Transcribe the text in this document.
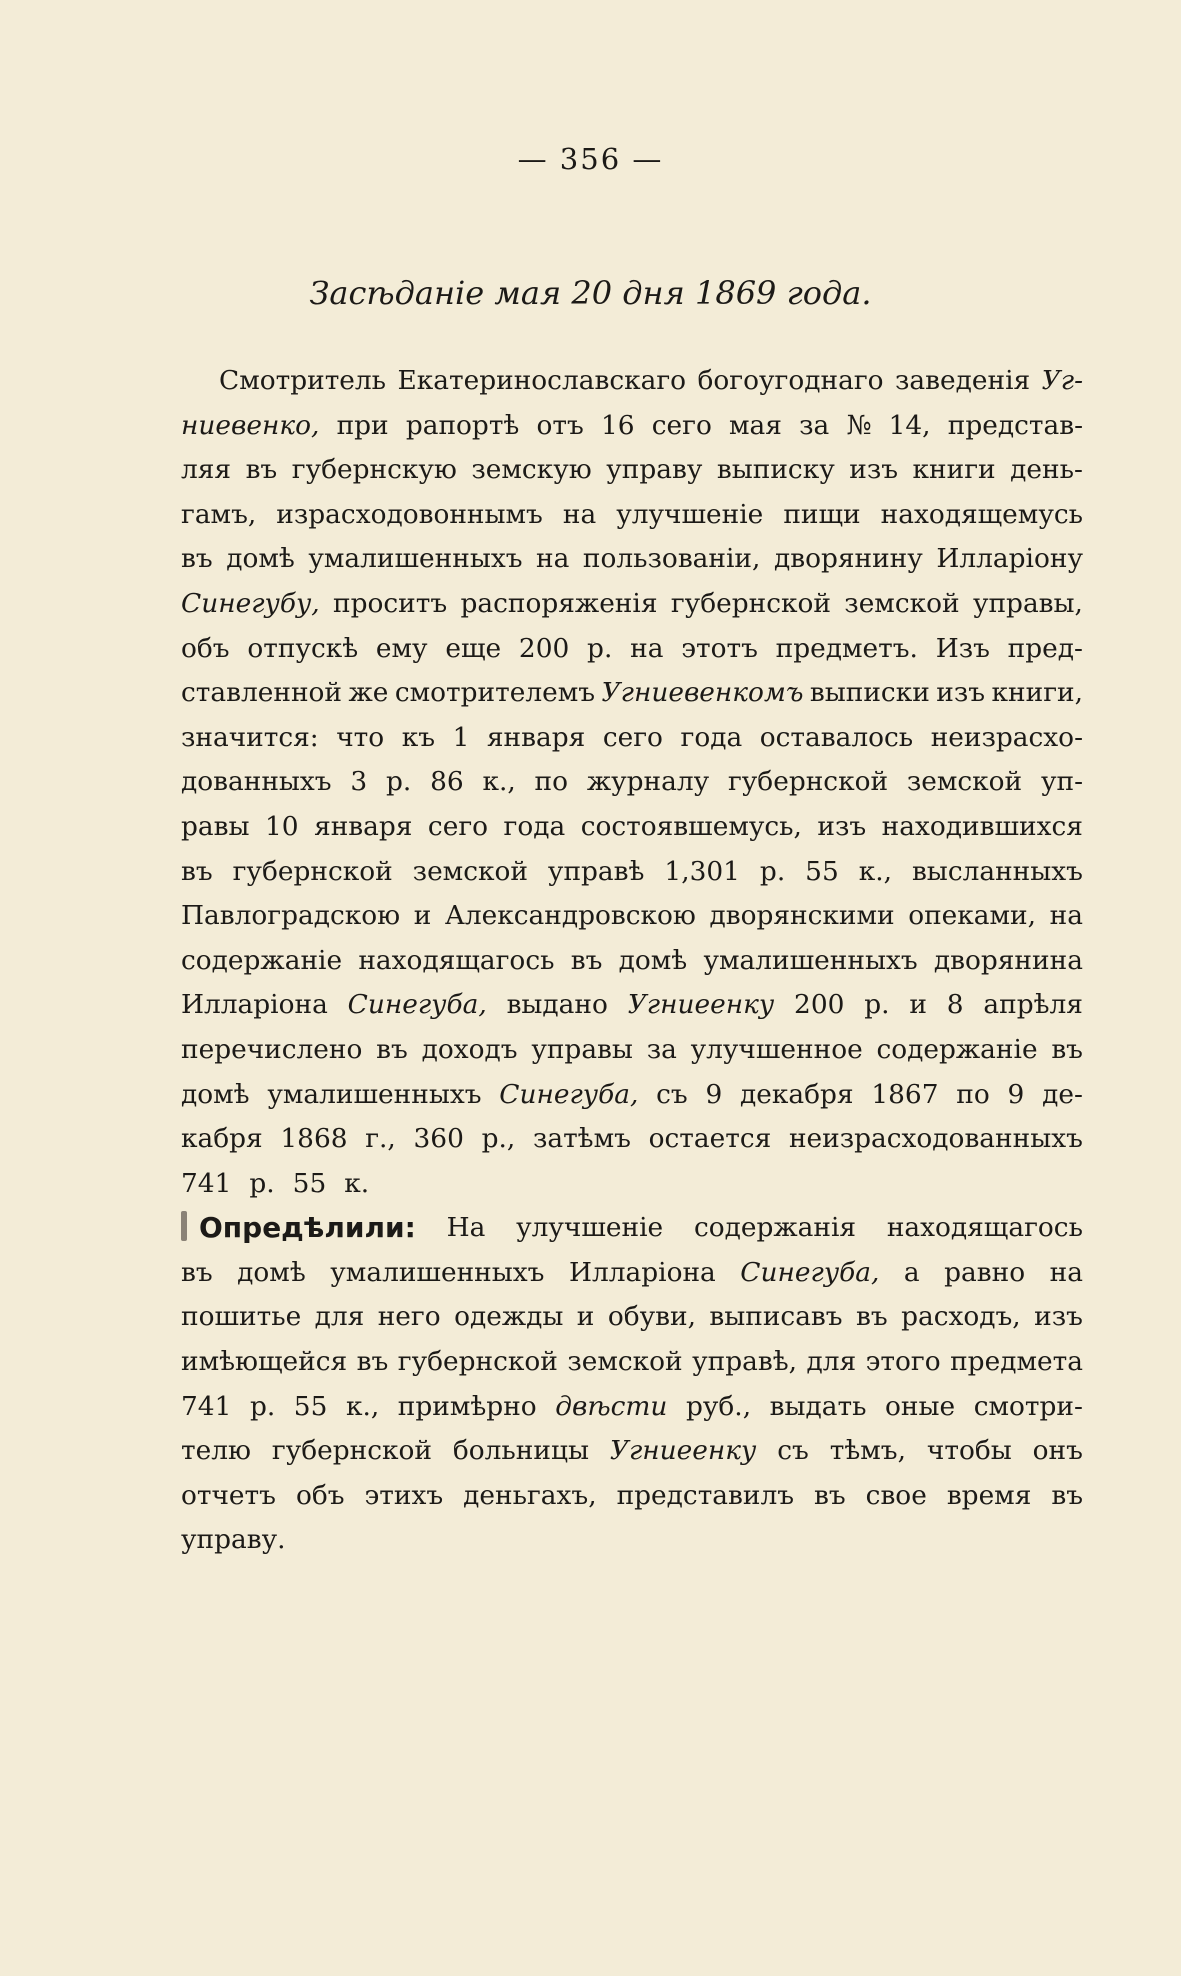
— 356 —
Засѣданіе мая 20 дня 1869 года.
Смотритель Екатеринославскаго богоугоднаго заведенія Уг-
ниевенко, при рапортѣ отъ 16 сего мая за № 14, представ-
ляя въ губернскую земскую управу выписку изъ книги день-
гамъ, израсходовоннымъ на улучшеніе пищи находящемусь
въ домѣ умалишенныхъ на пользованіи, дворянину Илларіону
Синегубу, проситъ распоряженія губернской земской управы,
объ отпускѣ ему еще 200 р. на этотъ предметъ. Изъ пред-
ставленной же смотрителемъ Угниевенкомъ выписки изъ книги,
значится: что къ 1 января сего года оставалось неизрасхо-
дованныхъ 3 р. 86 к., по журналу губернской земской уп-
равы 10 января сего года состоявшемусь, изъ находившихся
въ губернской земской управѣ 1,301 р. 55 к., высланныхъ
Павлоградскою и Александровскою дворянскими опеками, на
содержаніе находящагось въ домѣ умалишенныхъ дворянина
Илларіона Синегуба, выдано Угниеенку 200 р. и 8 апрѣля
перечислено въ доходъ управы за улучшенное содержаніе въ
домѣ умалишенныхъ Синегуба, съ 9 декабря 1867 по 9 де-
кабря 1868 г., 360 р., затѣмъ остается неизрасходованныхъ
741 р. 55 к.
Опредѣлили: На улучшеніе содержанія находящагось
въ домѣ умалишенныхъ Илларіона Синегуба, а равно на
пошитье для него одежды и обуви, выписавъ въ расходъ, изъ
имѣющейся въ губернской земской управѣ, для этого предмета
741 р. 55 к., примѣрно двѣсти руб., выдать оные смотри-
телю губернской больницы Угниеенку съ тѣмъ, чтобы онъ
отчетъ объ этихъ деньгахъ, представилъ въ свое время въ
управу.
